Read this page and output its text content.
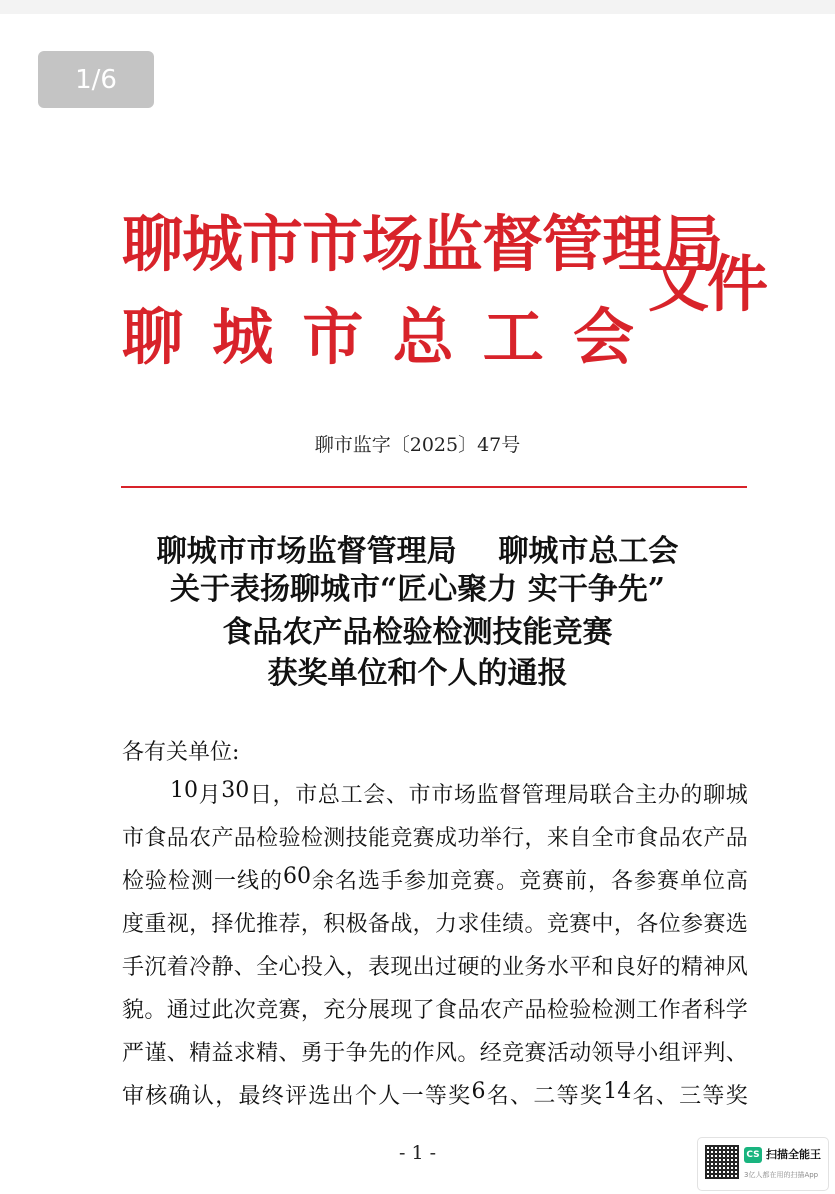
1/6
聊城市市场监督管理局
聊 城 市 总 工 会
文件
聊市监字〔2025〕47号
聊城市市场监督管理局    聊城市总工会
关于表扬聊城市“匠心聚力 实干争先”
食品农产品检验检测技能竞赛
获奖单位和个人的通报
各有关单位:
10 月 30 日 ， 市 总 工 会 、 市 市 场 监 督 管 理 局 联 合 主 办 的 聊 城
市 食 品 农 产 品 检 验 检 测 技 能 竞 赛 成 功 举 行 ， 来 自 全 市 食 品 农 产 品
检 验 检 测 一 线 的 60 余 名 选 手 参 加 竞 赛 。 竞 赛 前 ， 各 参 赛 单 位 高
度 重 视 ， 择 优 推 荐 ， 积 极 备 战 ， 力 求 佳 绩 。 竞 赛 中 ， 各 位 参 赛 选
手 沉 着 冷 静 、 全 心 投 入 ， 表 现 出 过 硬 的 业 务 水 平 和 良 好 的 精 神 风
貌 。 通 过 此 次 竞 赛 ， 充 分 展 现 了 食 品 农 产 品 检 验 检 测 工 作 者 科 学
严 谨 、 精 益 求 精 、 勇 于 争 先 的 作 风 。 经 竞 赛 活 动 领 导 小 组 评 判 、
审 核 确 认 ， 最 终 评 选 出 个 人 一 等 奖 6 名 、 二 等 奖 14 名 、 三 等 奖
- 1 -	CS 扫描全能王
3亿人都在用的扫描App
